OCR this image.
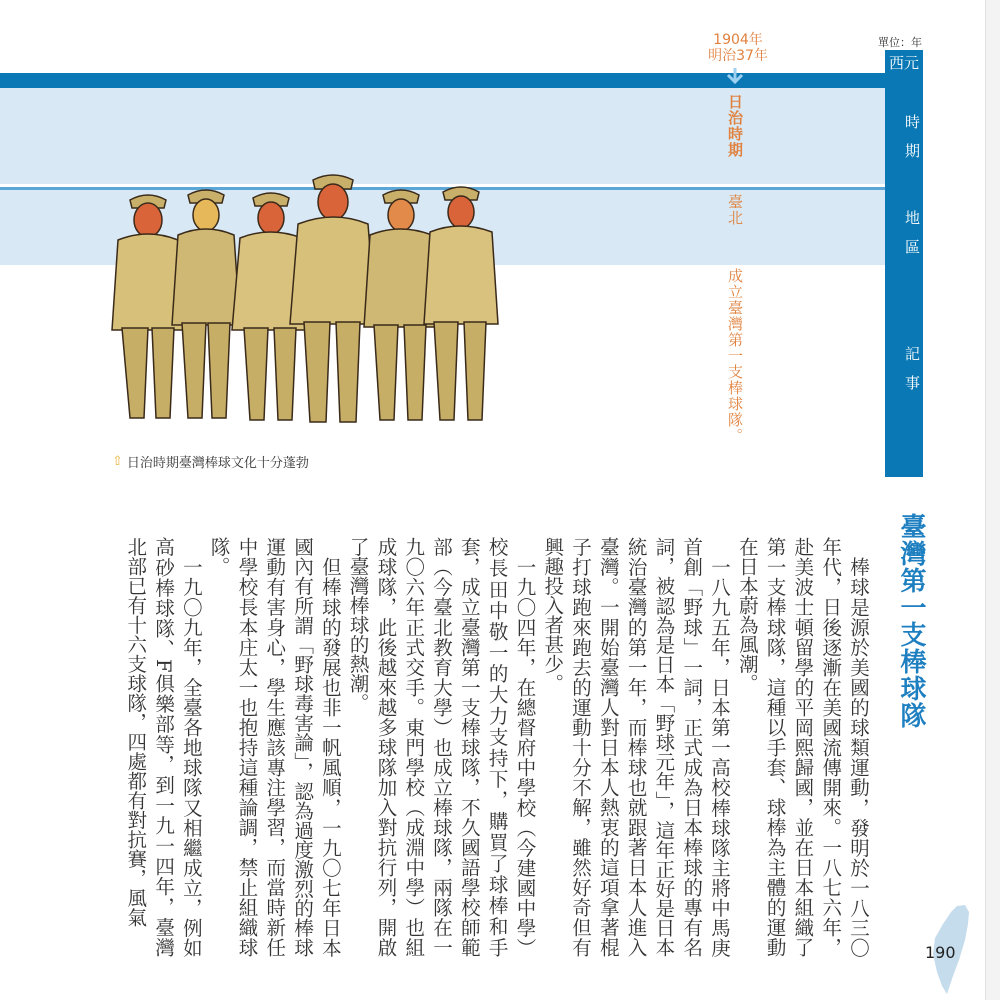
單位：年
西元
時期
地區
記事
1904年
明治37年
日治時期
臺北
成立臺灣第一支棒球隊。
⇧ 日治時期臺灣棒球文化十分蓬勃
臺灣第一支棒球隊

棒球是源於美國的球類運動，發明於一八三〇年代，日後逐漸在美國流傳開來。一八七六年，赴美波士頓留學的平岡熙歸國，並在日本組織了第一支棒球隊，這種以手套、球棒為主體的運動在日本蔚為風潮。

一八九五年，日本第一高校棒球隊主將中馬庚首創「野球」一詞，正式成為日本棒球的專有名詞，被認為是日本「野球元年」，這年正好是日本統治臺灣的第一年，而棒球也就跟著日本人進入臺灣。一開始臺灣人對日本人熱衷的這項拿著棍子打球跑來跑去的運動十分不解，雖然好奇但有興趣投入者甚少。

一九〇四年，在總督府中學校（今建國中學）校長田中敬一的大力支持下，購買了球棒和手套，成立臺灣第一支棒球隊，不久國語學校師範部（今臺北教育大學）也成立棒球隊，兩隊在一九〇六年正式交手。東門學校（成淵中學）也組成球隊，此後越來越多球隊加入對抗行列，開啟了臺灣棒球的熱潮。

但棒球的發展也非一帆風順，一九〇七年日本國內有所謂「野球毒害論」，認為過度激烈的棒球運動有害身心，學生應該專注學習，而當時新任中學校長本庄太一也抱持這種論調，禁止組織球隊。

一九〇九年，全臺各地球隊又相繼成立，例如高砂棒球隊、F俱樂部等，到一九一四年，臺灣北部已有十六支球隊，四處都有對抗賽，風氣

190
